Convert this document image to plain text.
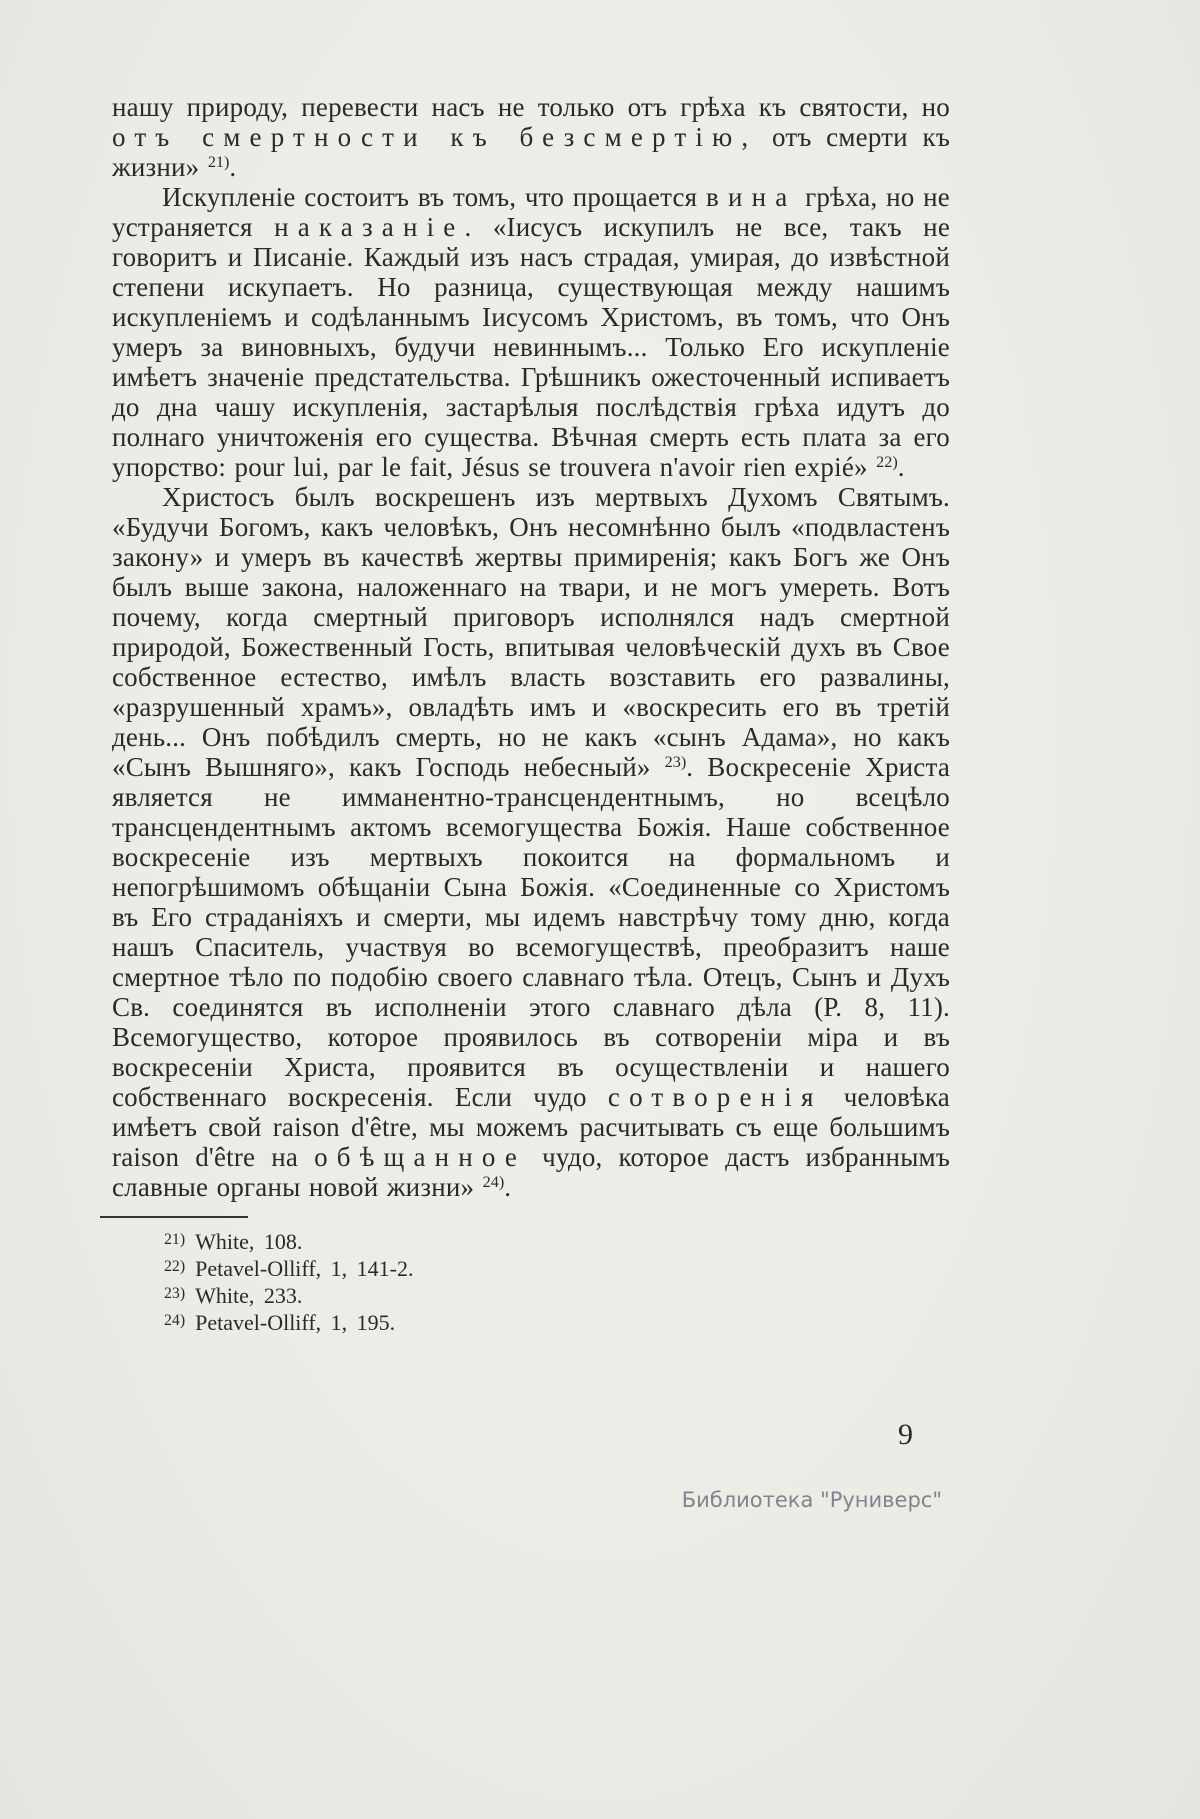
нашу природу, перевести насъ не только отъ грѣха къ святости, но отъ смертности къ безсмертію, отъ смерти къ жизни» $^{21)}$.

Искупленіе состоитъ въ томъ, что прощается вина грѣха, но не устраняется наказаніе. «Іисусъ искупилъ не все, такъ не говоритъ и Писаніе. Каждый изъ насъ страдая, умирая, до извѣстной степени искупаетъ. Но разница, существующая между нашимъ искупленіемъ и содѣланнымъ Іисусомъ Христомъ, въ томъ, что Онъ умеръ за виновныхъ, будучи невиннымъ... Только Его искупленіе имѣетъ значеніе предстательства. Грѣшникъ ожесточенный испиваетъ до дна чашу искупленія, застарѣлыя послѣдствія грѣха идутъ до полнаго уничтоженія его существа. Вѣчная смерть есть плата за его упорство: pour lui, par le fait, Jésus se trouvera n'avoir rien expié» $^{22)}$.

Христосъ былъ воскрешенъ изъ мертвыхъ Духомъ Святымъ. «Будучи Богомъ, какъ человѣкъ, Онъ несомнѣнно былъ «подвластенъ закону» и умеръ въ качествѣ жертвы примиренія; какъ Богъ же Онъ былъ выше закона, наложеннаго на твари, и не могъ умереть. Вотъ почему, когда смертный приговоръ исполнялся надъ смертной природой, Божественный Гость, впитывая человѣческій духъ въ Свое собственное естество, имѣлъ власть возставить его развалины, «разрушенный храмъ», овладѣть имъ и «воскресить его въ третій день... Онъ побѣдилъ смерть, но не какъ «сынъ Адама», но какъ «Сынъ Вышняго», какъ Господь небесный» $^{23)}$. Воскресеніе Христа является не имманентно-трансцендентнымъ, но всецѣло трансцендентнымъ актомъ всемогущества Божія. Наше собственное воскресеніе изъ мертвыхъ покоится на формальномъ и непогрѣшимомъ обѣщаніи Сына Божія. «Соединенные со Христомъ въ Его страданіяхъ и смерти, мы идемъ навстрѣчу тому дню, когда нашъ Спаситель, участвуя во всемогуществѣ, преобразитъ наше смертное тѣло по подобію своего славнаго тѣла. Отецъ, Сынъ и Духъ Св. соединятся въ исполненіи этого славнаго дѣла (Р. 8, 11). Всемогущество, которое проявилось въ сотвореніи міра и въ воскресеніи Христа, проявится въ осуществленіи и нашего собственнаго воскресенія. Если чудо сотворенія человѣка имѣетъ свой raison d'être, мы можемъ расчитывать съ еще большимъ raison d'être на обѣщанное чудо, которое дастъ избраннымъ славные органы новой жизни» $^{24)}$.

$^{21)}$ White, 108.
$^{22)}$ Petavel-Olliff, 1, 141-2.
$^{23)}$ White, 233.
$^{24)}$ Petavel-Olliff, 1, 195.
9
Библиотека "Руниверс"
